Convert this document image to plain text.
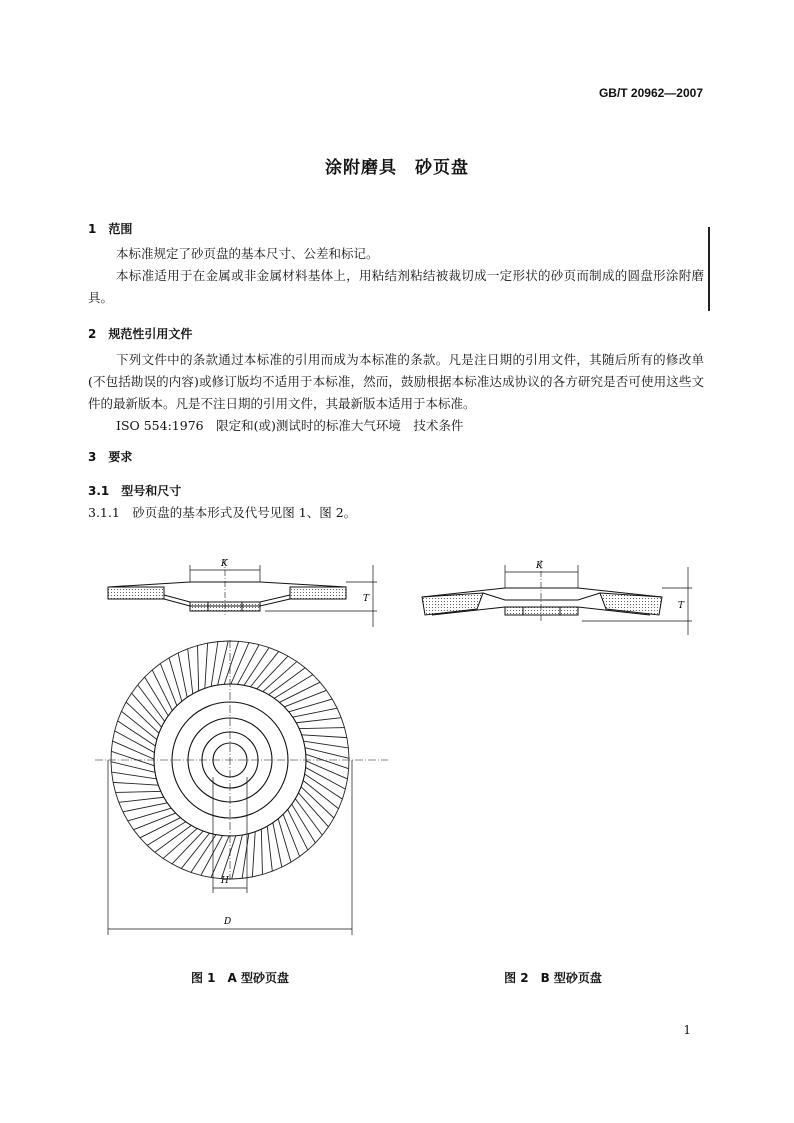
GB/T 20962—2007
涂附磨具　砂页盘
1　范围
本标准规定了砂页盘的基本尺寸、公差和标记。
本标准适用于在金属或非金属材料基体上，用粘结剂粘结被裁切成一定形状的砂页而制成的圆盘形涂附磨具。
2　规范性引用文件
下列文件中的条款通过本标准的引用而成为本标准的条款。凡是注日期的引用文件，其随后所有的修改单(不包括勘误的内容)或修订版均不适用于本标准，然而，鼓励根据本标准达成协议的各方研究是否可使用这些文件的最新版本。凡是不注日期的引用文件，其最新版本适用于本标准。
ISO 554:1976　限定和(或)测试时的标准大气环境　技术条件
3　要求
3.1　型号和尺寸
3.1.1　砂页盘的基本形式及代号见图 1、图 2。
K
T
H
D
K
T
图 1　A 型砂页盘	图 2　B 型砂页盘
1
